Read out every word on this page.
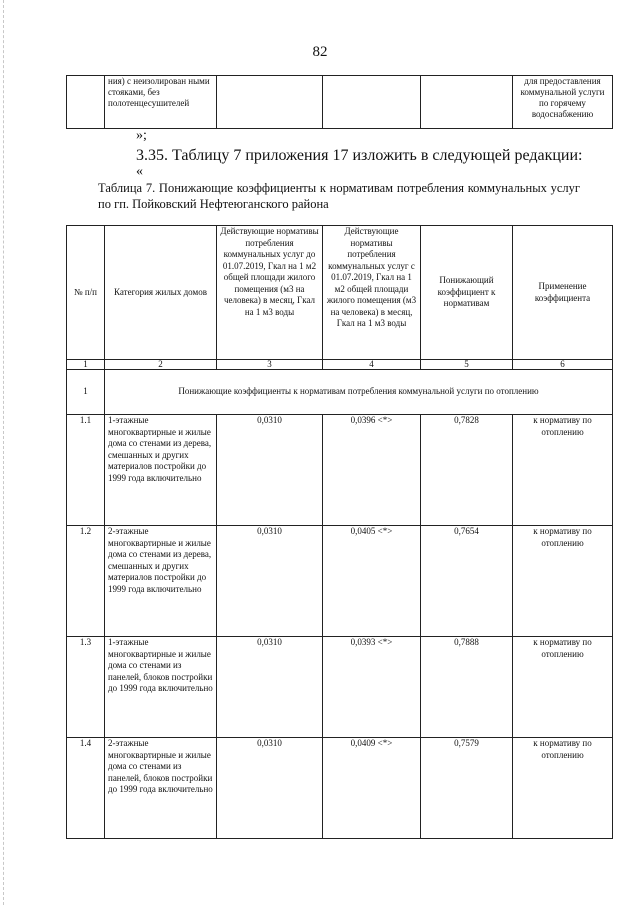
82
	ния) с неизолирован ными стояками, без полотенцесушителей				для предоставления коммунальной услуги по горячему водоснабжению
»;
3.35. Таблицу 7 приложения 17 изложить в следующей редакции:
«
Таблица 7. Понижающие коэффициенты к нормативам потребления коммунальных услуг по гп. Пойковский Нефтеюганского района
№ п/п	Категория жилых домов	Действующие нормативы потребления коммунальных услуг до 01.07.2019, Гкал на 1 м2 общей площади жилого помещения (м3 на человека) в месяц, Гкал на 1 м3 воды	Действующие нормативы потребления коммунальных услуг с 01.07.2019, Гкал на 1 м2 общей площади жилого помещения (м3 на человека) в месяц, Гкал на 1 м3 воды	Понижающий коэффициент к нормативам	Применение коэффициента
1	2	3	4	5	6
1	Понижающие коэффициенты к нормативам потребления коммунальной услуги по отоплению				
1.1	1-этажные многоквартирные и жилые дома со стенами из дерева, смешанных и других материалов постройки до 1999 года включительно	0,0310	0,0396 <*>	0,7828	к нормативу по отоплению
1.2	2-этажные многоквартирные и жилые дома со стенами из дерева, смешанных и других материалов постройки до 1999 года включительно	0,0310	0,0405 <*>	0,7654	к нормативу по отоплению
1.3	1-этажные многоквартирные и жилые дома со стенами из панелей, блоков постройки до 1999 года включительно	0,0310	0,0393 <*>	0,7888	к нормативу по отоплению
1.4	2-этажные многоквартирные и жилые дома со стенами из панелей, блоков постройки до 1999 года включительно	0,0310	0,0409 <*>	0,7579	к нормативу по отоплению
